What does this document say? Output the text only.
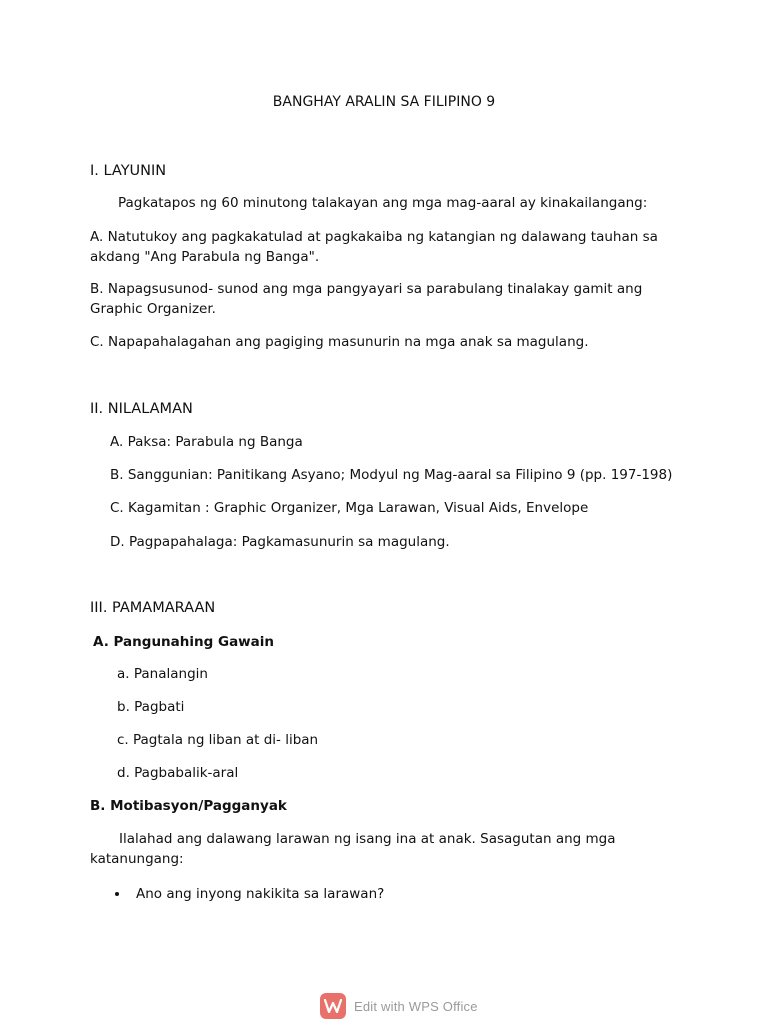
BANGHAY ARALIN SA FILIPINO 9
I. LAYUNIN
Pagkatapos ng 60 minutong talakayan ang mga mag-aaral ay kinakailangang:
A. Natutukoy ang pagkakatulad at pagkakaiba ng katangian ng dalawang tauhan sa
akdang "Ang Parabula ng Banga".
B. Napagsusunod- sunod ang mga pangyayari sa parabulang tinalakay gamit ang
Graphic Organizer.
C. Napapahalagahan ang pagiging masunurin na mga anak sa magulang.
II. NILALAMAN
A. Paksa: Parabula ng Banga
B. Sanggunian: Panitikang Asyano; Modyul ng Mag-aaral sa Filipino 9 (pp. 197-198)
C. Kagamitan : Graphic Organizer, Mga Larawan, Visual Aids, Envelope
D. Pagpapahalaga: Pagkamasunurin sa magulang.
III. PAMAMARAAN
A. Pangunahing Gawain
a. Panalangin
b. Pagbati
c. Pagtala ng liban at di- liban
d. Pagbabalik-aral
B. Motibasyon/Pagganyak
Ilalahad ang dalawang larawan ng isang ina at anak. Sasagutan ang mga
katanungang:
Ano ang inyong nakikita sa larawan?
Edit with WPS Office
